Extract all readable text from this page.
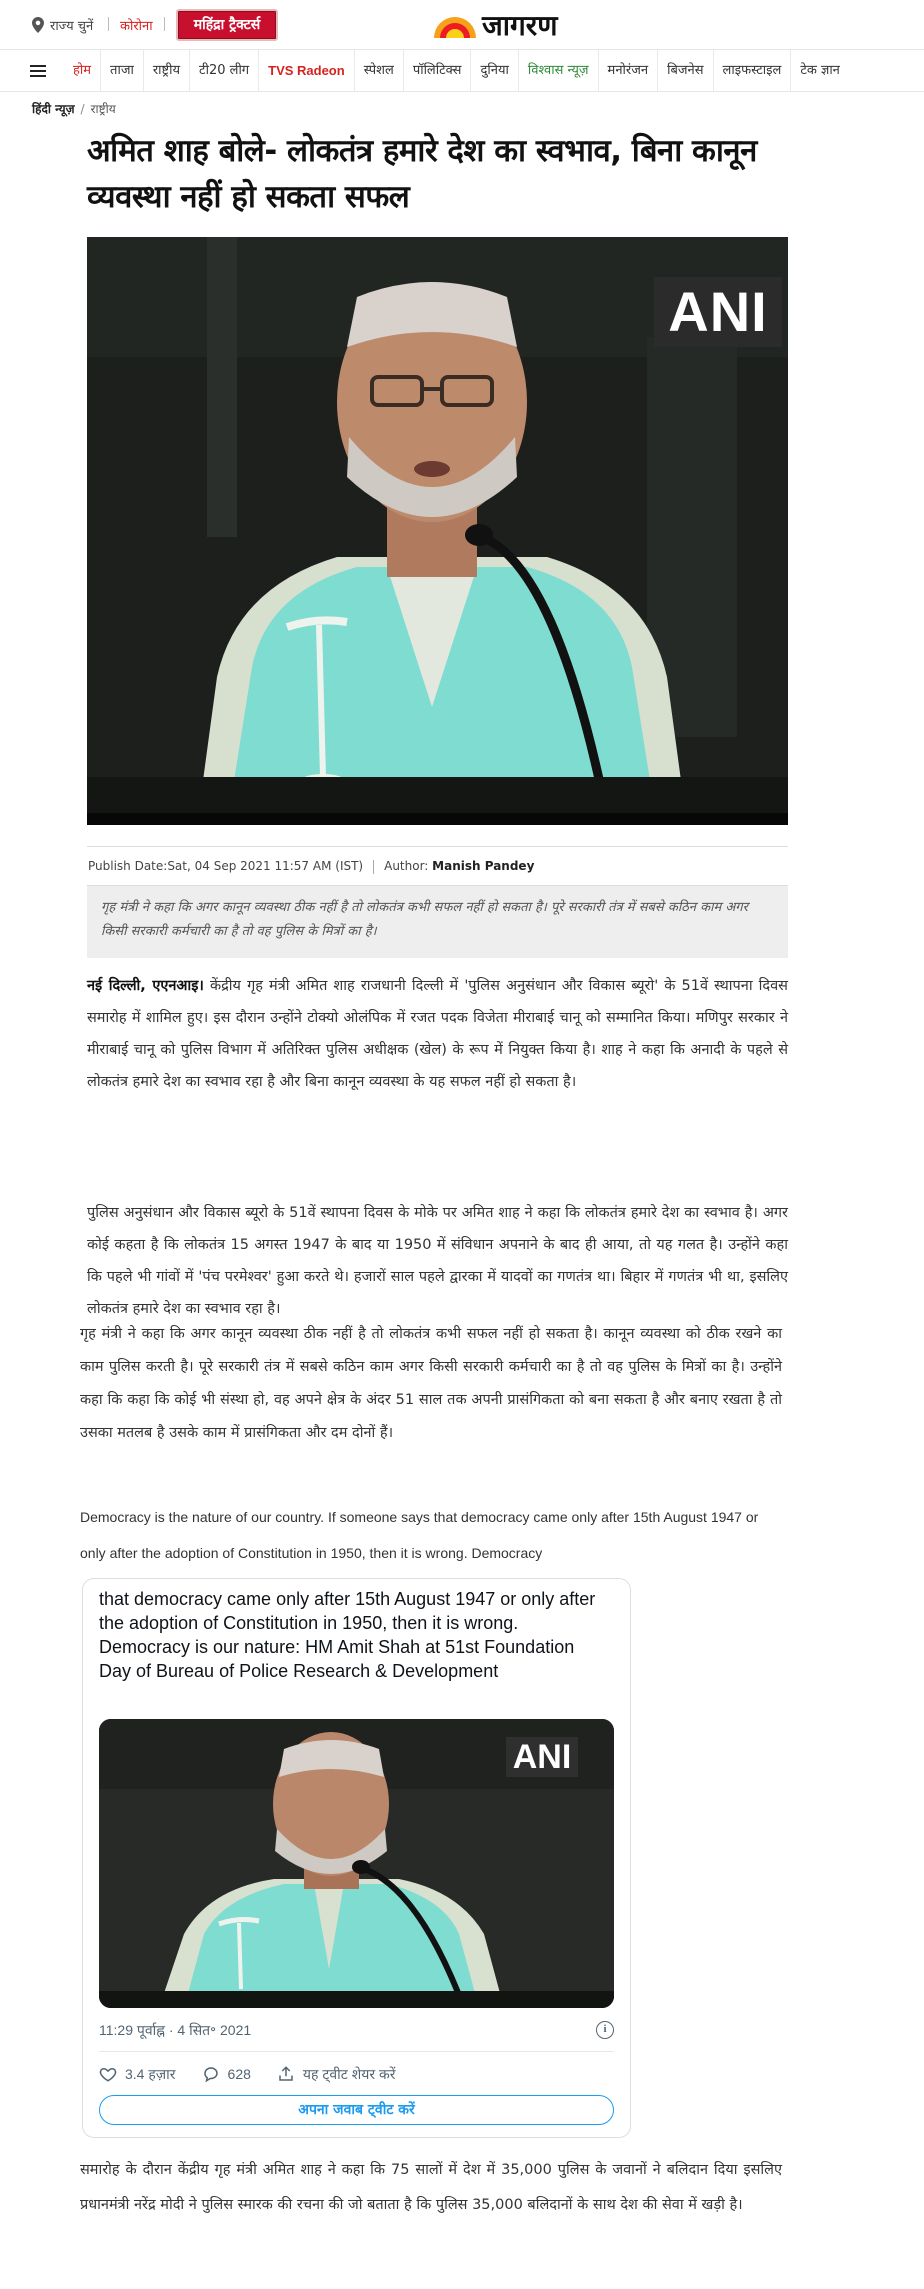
राज्य चुनें कोरोना	महिंद्रा ट्रैक्टर्स	जागरण
होम	ताजा	राष्ट्रीय	टी20 लीग	TVS Radeon	स्पेशल	पॉलिटिक्स	दुनिया	विश्वास न्यूज़	मनोरंजन	बिजनेस	लाइफस्टाइल	टेक ज्ञान
हिंदी न्यूज़ / राष्ट्रीय
अमित शाह बोले- लोकतंत्र हमारे देश का स्वभाव, बिना कानून व्यवस्था नहीं हो सकता सफल
ANI
Publish Date:Sat, 04 Sep 2021 11:57 AM (IST) Author: Manish Pandey
गृह मंत्री ने कहा कि अगर कानून व्यवस्था ठीक नहीं है तो लोकतंत्र कभी सफल नहीं हो सकता है। पूरे सरकारी तंत्र में सबसे कठिन काम अगर किसी सरकारी कर्मचारी का है तो वह पुलिस के मित्रों का है।

नई दिल्ली, एएनआइ। केंद्रीय गृह मंत्री अमित शाह राजधानी दिल्ली में 'पुलिस अनुसंधान और विकास ब्यूरो' के 51वें स्थापना दिवस समारोह में शामिल हुए। इस दौरान उन्होंने टोक्यो ओलंपिक में रजत पदक विजेता मीराबाई चानू को सम्मानित किया। मणिपुर सरकार ने मीराबाई चानू को पुलिस विभाग में अतिरिक्त पुलिस अधीक्षक (खेल) के रूप में नियुक्त किया है। शाह ने कहा कि अनादी के पहले से लोकतंत्र हमारे देश का स्वभाव रहा है और बिना कानून व्यवस्था के यह सफल नहीं हो सकता है।

पुलिस अनुसंधान और विकास ब्यूरो के 51वें स्थापना दिवस के मोके पर अमित शाह ने कहा कि लोकतंत्र हमारे देश का स्वभाव है। अगर कोई कहता है कि लोकतंत्र 15 अगस्त 1947 के बाद या 1950 में संविधान अपनाने के बाद ही आया, तो यह गलत है। उन्होंने कहा कि पहले भी गांवों में 'पंच परमेश्वर' हुआ करते थे। हजारों साल पहले द्वारका में यादवों का गणतंत्र था। बिहार में गणतंत्र भी था, इसलिए लोकतंत्र हमारे देश का स्वभाव रहा है।

गृह मंत्री ने कहा कि अगर कानून व्यवस्था ठीक नहीं है तो लोकतंत्र कभी सफल नहीं हो सकता है। कानून व्यवस्था को ठीक रखने का काम पुलिस करती है। पूरे सरकारी तंत्र में सबसे कठिन काम अगर किसी सरकारी कर्मचारी का है तो वह पुलिस के मित्रों का है। उन्होंने कहा कि कहा कि कोई भी संस्था हो, वह अपने क्षेत्र के अंदर 51 साल तक अपनी प्रासंगिकता को बना सकता है और बनाए रखता है तो उसका मतलब है उसके काम में प्रासंगिकता और दम दोनों हैं।

Democracy is the nature of our country. If someone says that democracy came only after 15th August 1947 or only after the adoption of Constitution in 1950, then it is wrong. Democracy

that democracy came only after 15th August 1947 or only after the adoption of Constitution in 1950, then it is wrong. Democracy is our nature: HM Amit Shah at 51st Foundation Day of Bureau of Police Research & Development
ANI
11:29 पूर्वाह्न · 4 सित॰ 2021	i
3.4 हज़ार	628	यह ट्वीट शेयर करें
अपना जवाब ट्वीट करें

समारोह के दौरान केंद्रीय गृह मंत्री अमित शाह ने कहा कि 75 सालों में देश में 35,000 पुलिस के जवानों ने बलिदान दिया इसलिए प्रधानमंत्री नरेंद्र मोदी ने पुलिस स्मारक की रचना की जो बताता है कि पुलिस 35,000 बलिदानों के साथ देश की सेवा में खड़ी है।
